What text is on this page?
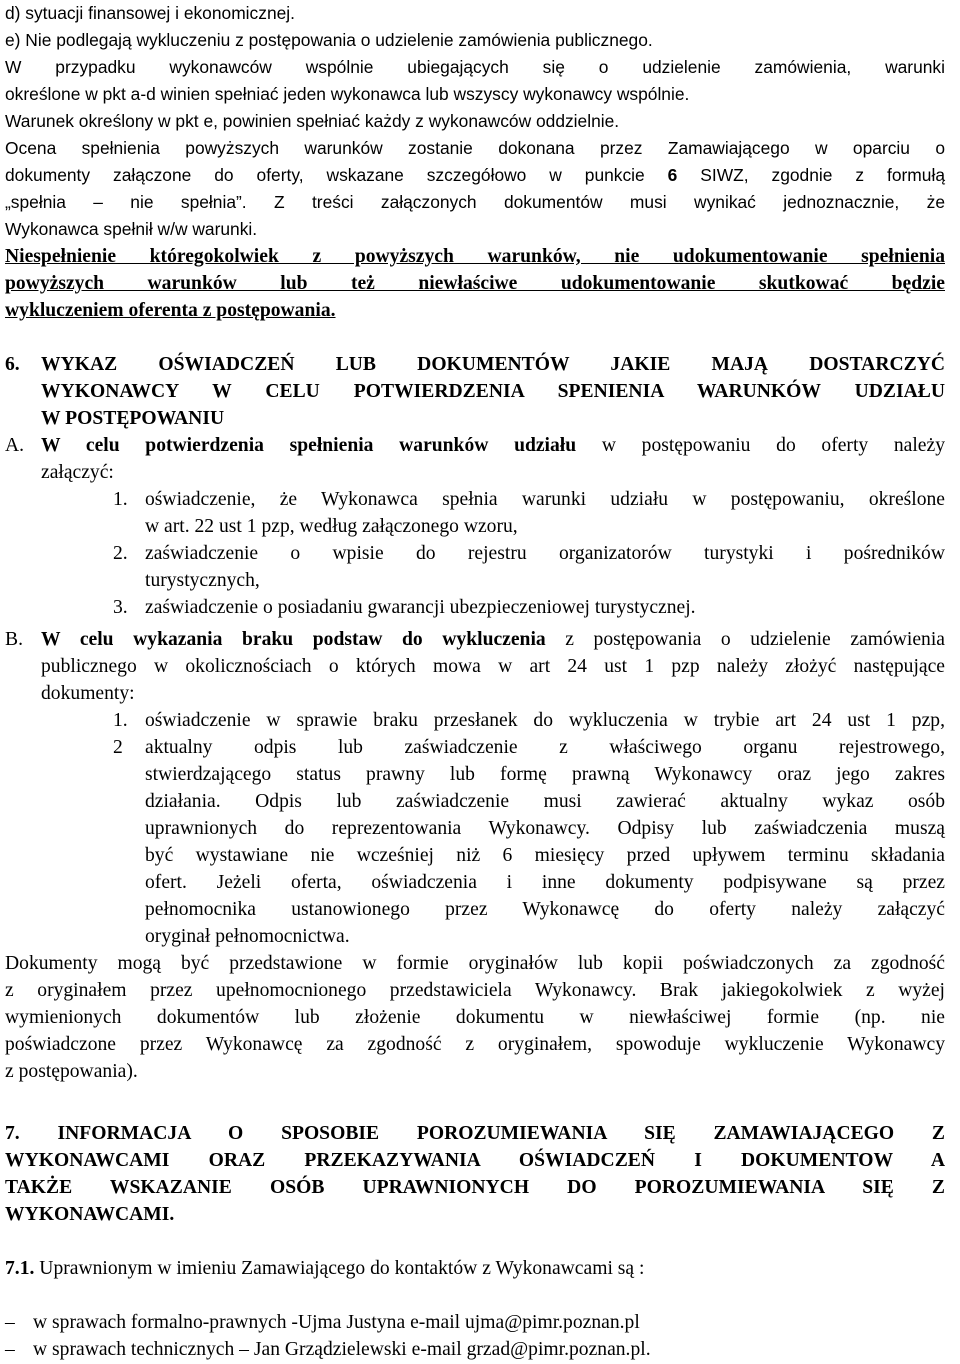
d) sytuacji finansowej i ekonomicznej.
e) Nie podlegają wykluczeniu z postępowania o udzielenie zamówienia publicznego.
W przypadku wykonawców wspólnie ubiegających się o udzielenie zamówienia, warunki
określone w pkt a-d winien spełniać jeden wykonawca lub wszyscy wykonawcy wspólnie.
Warunek określony w pkt e, powinien spełniać każdy z wykonawców oddzielnie.
Ocena spełnienia powyższych warunków zostanie dokonana przez Zamawiającego w oparciu o
dokumenty załączone do oferty, wskazane szczegółowo w punkcie 6 SIWZ, zgodnie z formułą
„spełnia – nie spełnia”. Z treści załączonych dokumentów musi wynikać jednoznacznie, że
Wykonawca spełnił w/w warunki.
Niespełnienie któregokolwiek z powyższych warunków, nie udokumentowanie spełnienia
powyższych warunków lub też niewłaściwe udokumentowanie skutkować będzie
wykluczeniem oferenta z postępowania.
6.	WYKAZ OŚWIADCZEŃ LUB DOKUMENTÓW JAKIE MAJĄ DOSTARCZYĆ
WYKONAWCY W CELU POTWIERDZENIA SPENIENIA WARUNKÓW UDZIAŁU
W POSTĘPOWANIU
A. W celu potwierdzenia spełnienia warunków udziału w postępowaniu do oferty należy
załączyć:
1. oświadczenie, że Wykonawca spełnia warunki udziału w postępowaniu, określone
w art. 22 ust 1 pzp, według załączonego wzoru,
2. zaświadczenie o wpisie do rejestru organizatorów turystyki i pośredników
turystycznych,
3. zaświadczenie o posiadaniu gwarancji ubezpieczeniowej turystycznej.
B. W celu wykazania braku podstaw do wykluczenia z postępowania o udzielenie zamówienia
publicznego w okolicznościach o których mowa w art 24 ust 1 pzp należy złożyć następujące
dokumenty:
1. oświadczenie w sprawie braku przesłanek do wykluczenia w trybie art 24 ust 1 pzp,
2	aktualny odpis lub zaświadczenie z właściwego organu rejestrowego,
stwierdzającego status prawny lub formę prawną Wykonawcy oraz jego zakres
działania. Odpis lub zaświadczenie musi zawierać aktualny wykaz osób
uprawnionych do reprezentowania Wykonawcy. Odpisy lub zaświadczenia muszą
być wystawiane nie wcześniej niż 6 miesięcy przed upływem terminu składania
ofert. Jeżeli oferta, oświadczenia i inne dokumenty podpisywane są przez
pełnomocnika ustanowionego przez Wykonawcę do oferty należy załączyć
oryginał pełnomocnictwa.
Dokumenty mogą być przedstawione w formie oryginałów lub kopii poświadczonych za zgodność
z oryginałem przez upełnomocnionego przedstawiciela Wykonawcy. Brak jakiegokolwiek z wyżej
wymienionych dokumentów lub złożenie dokumentu w niewłaściwej formie (np. nie
poświadczone przez Wykonawcę za zgodność z oryginałem, spowoduje wykluczenie Wykonawcy
z postępowania).
7. INFORMACJA O SPOSOBIE POROZUMIEWANIA SIĘ ZAMAWIAJĄCEGO Z
WYKONAWCAMI ORAZ PRZEKAZYWANIA OŚWIADCZEŃ I DOKUMENTOW A
TAKŻE WSKAZANIE OSÓB UPRAWNIONYCH DO POROZUMIEWANIA SIĘ Z
WYKONAWCAMI.
7.1. Uprawnionym w imieniu Zamawiającego do kontaktów z Wykonawcami są :
– w sprawach formalno-prawnych -Ujma Justyna e-mail ujma@pimr.poznan.pl
– w sprawach technicznych – Jan Grządzielewski e-mail grzad@pimr.poznan.pl.
